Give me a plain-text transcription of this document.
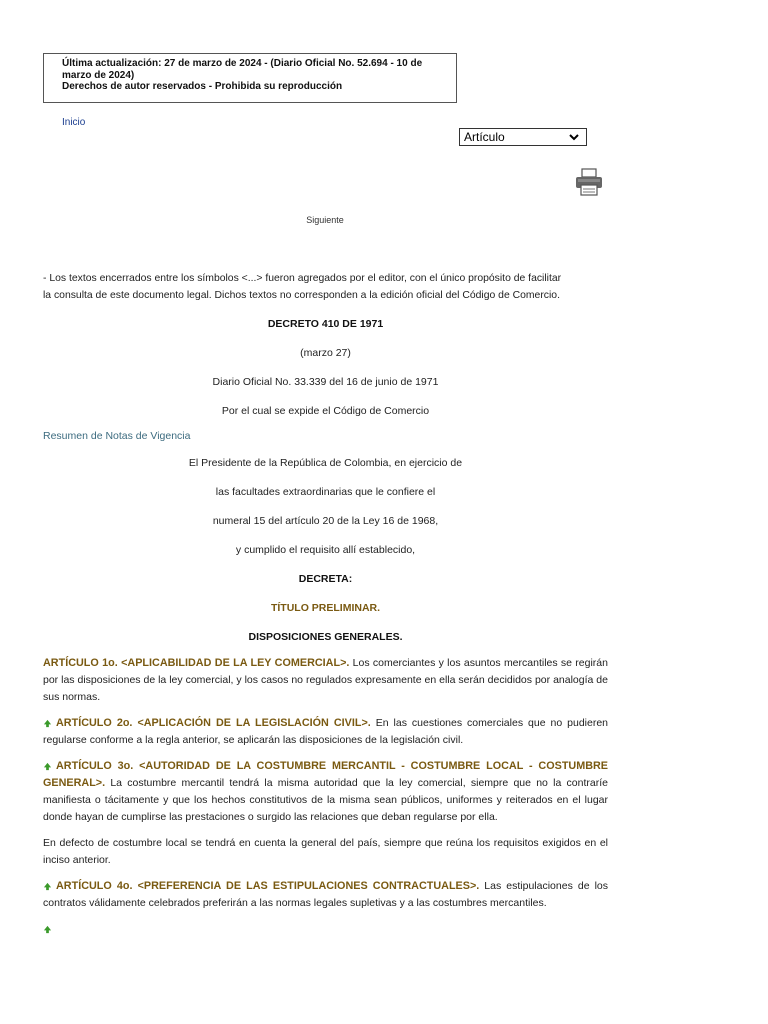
Última actualización: 27 de marzo de 2024 - (Diario Oficial No. 52.694 - 10 de
marzo de 2024)
Derechos de autor reservados - Prohibida su reproducción
Inicio
Artículo
Siguiente

- Los textos encerrados entre los símbolos <...> fueron agregados por el editor, con el único propósito de facilitar
la consulta de este documento legal. Dichos textos no corresponden a la edición oficial del Código de Comercio.

DECRETO 410 DE 1971

(marzo 27)

Diario Oficial No. 33.339 del 16 de junio de 1971

Por el cual se expide el Código de Comercio

Resumen de Notas de Vigencia

El Presidente de la República de Colombia, en ejercicio de

las facultades extraordinarias que le confiere el

numeral 15 del artículo 20 de la Ley 16 de 1968,

y cumplido el requisito allí establecido,

DECRETA:

TÍTULO PRELIMINAR.

DISPOSICIONES GENERALES.

ARTÍCULO 1o. <APLICABILIDAD DE LA LEY COMERCIAL>. Los comerciantes y los asuntos mercantiles se regirán por las disposiciones de la ley comercial, y los casos no regulados expresamente en ella serán decididos por analogía de sus normas.

ARTÍCULO 2o. <APLICACIÓN DE LA LEGISLACIÓN CIVIL>. En las cuestiones comerciales que no pudieren regularse conforme a la regla anterior, se aplicarán las disposiciones de la legislación civil.

ARTÍCULO 3o. <AUTORIDAD DE LA COSTUMBRE MERCANTIL - COSTUMBRE LOCAL - COSTUMBRE GENERAL>. La costumbre mercantil tendrá la misma autoridad que la ley comercial, siempre que no la contraríe manifiesta o tácitamente y que los hechos constitutivos de la misma sean públicos, uniformes y reiterados en el lugar donde hayan de cumplirse las prestaciones o surgido las relaciones que deban regularse por ella.

En defecto de costumbre local se tendrá en cuenta la general del país, siempre que reúna los requisitos exigidos en el inciso anterior.

ARTÍCULO 4o. <PREFERENCIA DE LAS ESTIPULACIONES CONTRACTUALES>. Las estipulaciones de los contratos válidamente celebrados preferirán a las normas legales supletivas y a las costumbres mercantiles.
